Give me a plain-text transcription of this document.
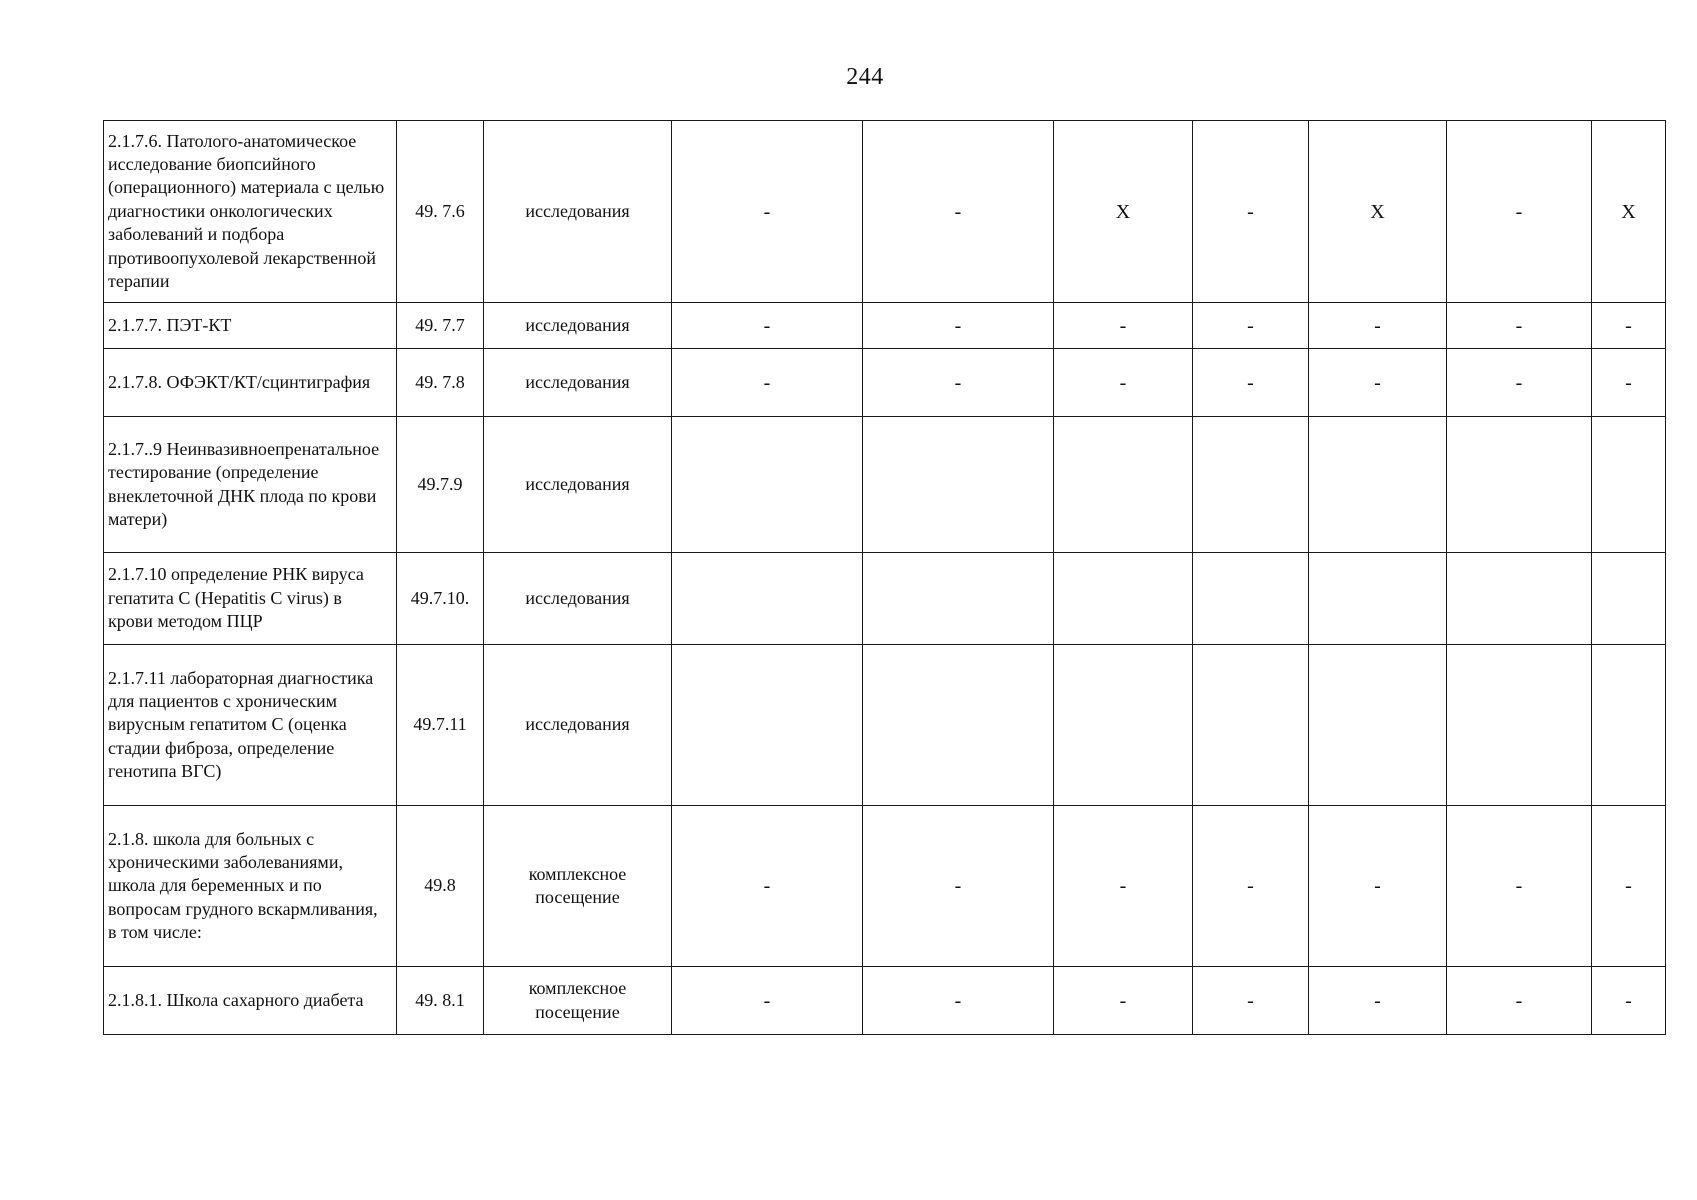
244
2.1.7.6. Патолого-анатомическое исследование биопсийного (операционного) материала с целью диагностики онкологических заболеваний и подбора противоопухолевой лекарственной терапии	49. 7.6	исследования	-	-	X	-	X	-	X
2.1.7.7. ПЭТ-КТ	49. 7.7	исследования	-	-	-	-	-	-	-
2.1.7.8. ОФЭКТ/КТ/сцинтиграфия	49. 7.8	исследования	-	-	-	-	-	-	-
2.1.7..9 Неинвазивноепренатальное тестирование (определение внеклеточной ДНК плода по крови матери)	49.7.9	исследования							
2.1.7.10 определение РНК вируса гепатита С (Hepatitis C virus) в крови методом ПЦР	49.7.10.	исследования							
2.1.7.11 лабораторная диагностика для пациентов с хроническим вирусным гепатитом С (оценка стадии фиброза, определение генотипа ВГС)	49.7.11	исследования							
2.1.8. школа для больных с хроническими заболеваниями, школа для беременных и по вопросам грудного вскармливания, в том числе:	49.8	комплексное посещение	-	-	-	-	-	-	-
2.1.8.1. Школа сахарного диабета	49. 8.1	комплексное посещение	-	-	-	-	-	-	-
